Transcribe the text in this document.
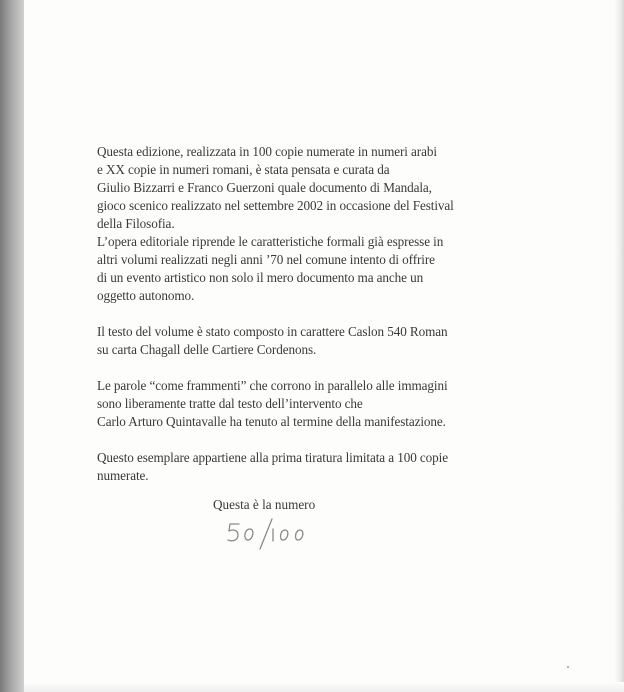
Questa edizione, realizzata in 100 copie numerate in numeri arabi
e XX copie in numeri romani, è stata pensata e curata da
Giulio Bizzarri e Franco Guerzoni quale documento di Mandala,
gioco scenico realizzato nel settembre 2002 in occasione del Festival
della Filosofia.
L’opera editoriale riprende le caratteristiche formali già espresse in
altri volumi realizzati negli anni ’70 nel comune intento di offrire
di un evento artistico non solo il mero documento ma anche un
oggetto autonomo.
Il testo del volume è stato composto in carattere Caslon 540 Roman
su carta Chagall delle Cartiere Cordenons.
Le parole “come frammenti” che corrono in parallelo alle immagini
sono liberamente tratte dal testo dell’intervento che
Carlo Arturo Quintavalle ha tenuto al termine della manifestazione.
Questo esemplare appartiene alla prima tiratura limitata a 100 copie
numerate.
Questa è la numero
